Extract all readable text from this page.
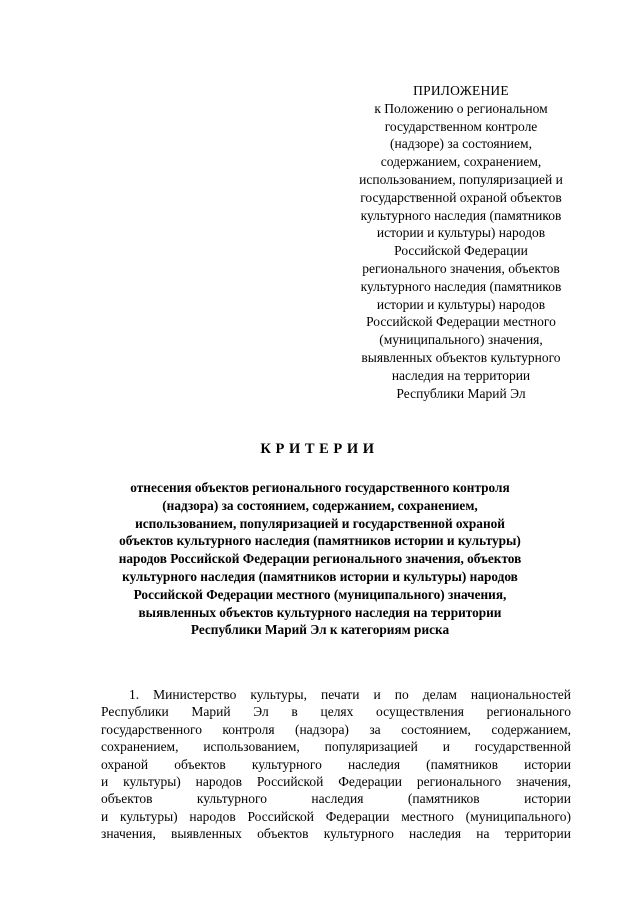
ПРИЛОЖЕНИЕ
к Положению о региональном
государственном контроле
(надзоре) за состоянием,
содержанием, сохранением,
использованием, популяризацией и
государственной охраной объектов
культурного наследия (памятников
истории и культуры) народов
Российской Федерации
регионального значения, объектов
культурного наследия (памятников
истории и культуры) народов
Российской Федерации местного
(муниципального) значения,
выявленных объектов культурного
наследия на территории
Республики Марий Эл
КРИТЕРИИ
отнесения объектов регионального государственного контроля
(надзора) за состоянием, содержанием, сохранением,
использованием, популяризацией и государственной охраной
объектов культурного наследия (памятников истории и культуры)
народов Российской Федерации регионального значения, объектов
культурного наследия (памятников истории и культуры) народов
Российской Федерации местного (муниципального) значения,
выявленных объектов культурного наследия на территории
Республики Марий Эл к категориям риска
1. Министерство культуры, печати и по делам национальностей
Республики Марий Эл в целях осуществления регионального
государственного контроля (надзора) за состоянием, содержанием,
сохранением, использованием, популяризацией и государственной
охраной объектов культурного наследия (памятников истории
и культуры) народов Российской Федерации регионального значения,
объектов культурного наследия (памятников истории
и культуры) народов Российской Федерации местного (муниципального)
значения, выявленных объектов культурного наследия на территории
